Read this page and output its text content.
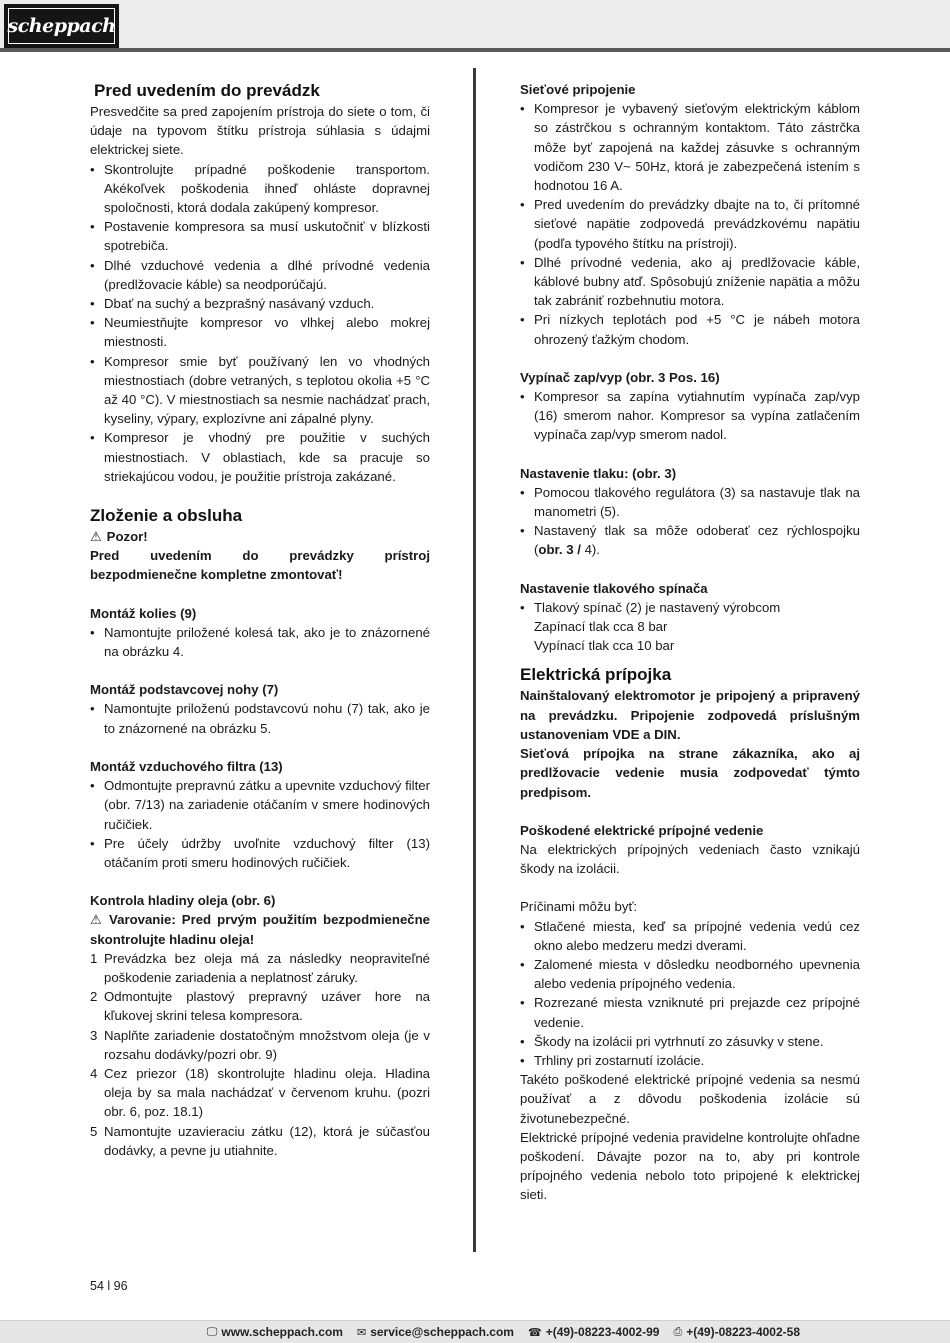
scheppach
Pred uvedením do prevádzk
Presvedčite sa pred zapojením prístroja do siete o tom, či údaje na typovom štítku prístroja súhlasia s údajmi elektrickej siete.
• Skontrolujte prípadné poškodenie transportom. Akékoľvek poškodenia ihneď ohláste dopravnej spoločnosti, ktorá dodala zakúpený kompresor.
• Postavenie kompresora sa musí uskutočniť v blízkosti spotrebiča.
• Dlhé vzduchové vedenia a dlhé prívodné vedenia (predlžovacie káble) sa neodporúčajú.
• Dbať na suchý a bezprašný nasávaný vzduch.
• Neumiestňujte kompresor vo vlhkej alebo mokrej miestnosti.
• Kompresor smie byť používaný len vo vhodných miestnostiach (dobre vetraných, s teplotou okolia +5 °C až 40 °C). V miestnostiach sa nesmie nachádzať prach, kyseliny, výpary, explozívne ani zápalné plyny.
• Kompresor je vhodný pre použitie v suchých miestnostiach. V oblastiach, kde sa pracuje so striekajúcou vodou, je použitie prístroja zakázané.
Zloženie a obsluha
⚠ Pozor!
Pred uvedením do prevádzky prístroj bezpodmienečne kompletne zmontovať!
Montáž kolies (9)
• Namontujte priložené kolesá tak, ako je to znázornené na obrázku 4.
Montáž podstavcovej nohy (7)
• Namontujte priloženú podstavcovú nohu (7) tak, ako je to znázornené na obrázku 5.
Montáž vzduchového filtra (13)
• Odmontujte prepravnú zátku a upevnite vzduchový filter (obr. 7/13) na zariadenie otáčaním v smere hodinových ručičiek.
• Pre účely údržby uvoľnite vzduchový filter (13) otáčaním proti smeru hodinových ručičiek.
Kontrola hladiny oleja (obr. 6)
⚠ Varovanie: Pred prvým použitím bezpodmienečne skontrolujte hladinu oleja!
1 Prevádzka bez oleja má za následky neopraviteľné poškodenie zariadenia a neplatnosť záruky.
2 Odmontujte plastový prepravný uzáver hore na kľukovej skrini telesa kompresora.
3 Naplňte zariadenie dostatočným množstvom oleja (je v rozsahu dodávky/pozri obr. 9)
4 Cez priezor (18) skontrolujte hladinu oleja. Hladina oleja by sa mala nachádzať v červenom kruhu. (pozri obr. 6, poz. 18.1)
5 Namontujte uzavieraciu zátku (12), ktorá je súčasťou dodávky, a pevne ju utiahnite.
Sieťové pripojenie
• Kompresor je vybavený sieťovým elektrickým káblom so zástrčkou s ochranným kontaktom. Táto zástrčka môže byť zapojená na každej zásuvke s ochranným vodičom 230 V~ 50Hz, ktorá je zabezpečená istením s hodnotou 16 A.
• Pred uvedením do prevádzky dbajte na to, či prítomné sieťové napätie zodpovedá prevádzkovému napätiu (podľa typového štítku na prístroji).
• Dlhé prívodné vedenia, ako aj predlžovacie káble, káblové bubny atď. Spôsobujú zníženie napätia a môžu tak zabrániť rozbehnutiu motora.
• Pri nízkych teplotách pod +5 °C je nábeh motora ohrozený ťažkým chodom.
Vypínač zap/vyp (obr. 3 Pos. 16)
• Kompresor sa zapína vytiahnutím vypínača zap/vyp (16) smerom nahor. Kompresor sa vypína zatlačením vypínača zap/vyp smerom nadol.
Nastavenie tlaku: (obr. 3)
• Pomocou tlakového regulátora (3) sa nastavuje tlak na manometri (5).
• Nastavený tlak sa môže odoberať cez rýchlospojku (obr. 3 / 4).
Nastavenie tlakového spínača
• Tlakový spínač (2) je nastavený výrobcom
Zapínací tlak cca 8 bar
Vypínací tlak cca 10 bar
Elektrická prípojka
Nainštalovaný elektromotor je pripojený a pripravený na prevádzku. Pripojenie zodpovedá príslušným ustanoveniam VDE a DIN.
Sieťová prípojka na strane zákazníka, ako aj predlžovacie vedenie musia zodpovedať týmto predpisom.
Poškodené elektrické prípojné vedenie
Na elektrických prípojných vedeniach často vznikajú škody na izolácii.
Príčinami môžu byť:
• Stlačené miesta, keď sa prípojné vedenia vedú cez okno alebo medzeru medzi dverami.
• Zalomené miesta v dôsledku neodborného upevnenia alebo vedenia prípojného vedenia.
• Rozrezané miesta vzniknuté pri prejazde cez prípojné vedenie.
• Škody na izolácii pri vytrhnutí zo zásuvky v stene.
• Trhliny pri zostarnutí izolácie.
Takéto poškodené elektrické prípojné vedenia sa nesmú používať a z dôvodu poškodenia izolácie sú životunebezpečné.
Elektrické prípojné vedenia pravidelne kontrolujte ohľadne poškodení. Dávajte pozor na to, aby pri kontrole prípojného vedenia nebolo toto pripojené k elektrickej sieti.
54 l 96
🖵 www.scheppach.com ✉ service@scheppach.com ☎ +(49)-08223-4002-99 ⎙ +(49)-08223-4002-58
